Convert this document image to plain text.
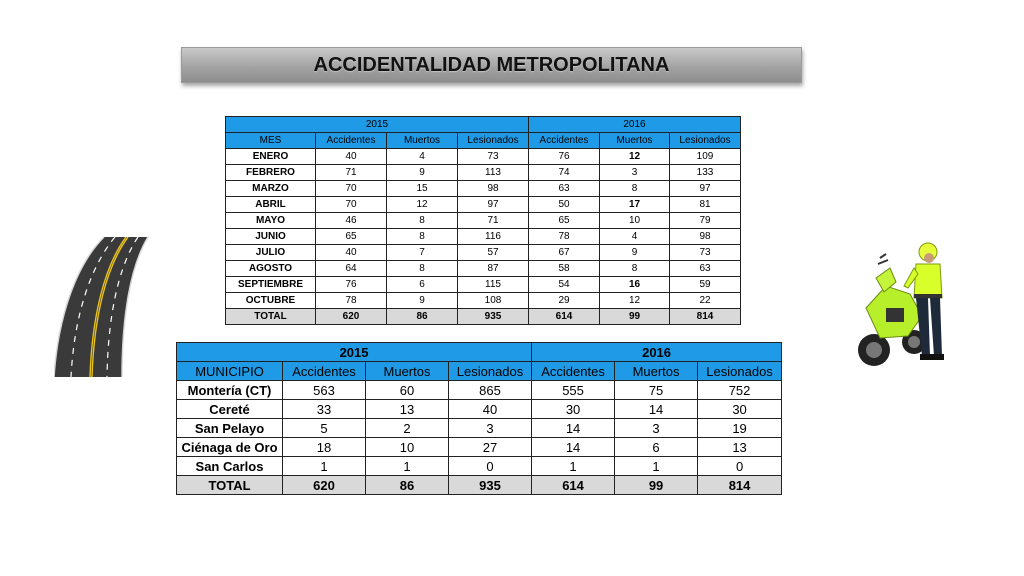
ACCIDENTALIDAD METROPOLITANA
2015				2016		
MES	Accidentes	Muertos	Lesionados	Accidentes	Muertos	Lesionados
ENERO	40	4	73	76	12	109
FEBRERO	71	9	113	74	3	133
MARZO	70	15	98	63	8	97
ABRIL	70	12	97	50	17	81
MAYO	46	8	71	65	10	79
JUNIO	65	8	116	78	4	98
JULIO	40	7	57	67	9	73
AGOSTO	64	8	87	58	8	63
SEPTIEMBRE	76	6	115	54	16	59
OCTUBRE	78	9	108	29	12	22
TOTAL	620	86	935	614	99	814
2015				2016		
MUNICIPIO	Accidentes	Muertos	Lesionados	Accidentes	Muertos	Lesionados
Montería (CT)	563	60	865	555	75	752
Cereté	33	13	40	30	14	30
San Pelayo	5	2	3	14	3	19
Ciénaga de Oro	18	10	27	14	6	13
San Carlos	1	1	0	1	1	0
TOTAL	620	86	935	614	99	814
